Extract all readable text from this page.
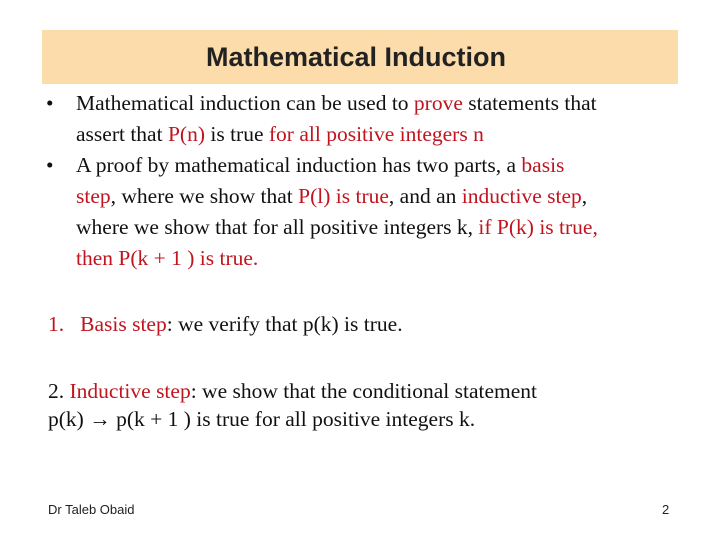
Mathematical Induction
• Mathematical induction can be used to prove statements that
assert that P(n) is true for all positive integers n
• A proof by mathematical induction has two parts, a basis
step, where we show that P(l) is true, and an inductive step,
where we show that for all positive integers k, if P(k) is true,
then P(k + 1 ) is true.
1. Basis step: we verify that p(k) is true.
2. Inductive step: we show that the conditional statement
p(k) → p(k + 1 ) is true for all positive integers k.
Dr Taleb Obaid	2
